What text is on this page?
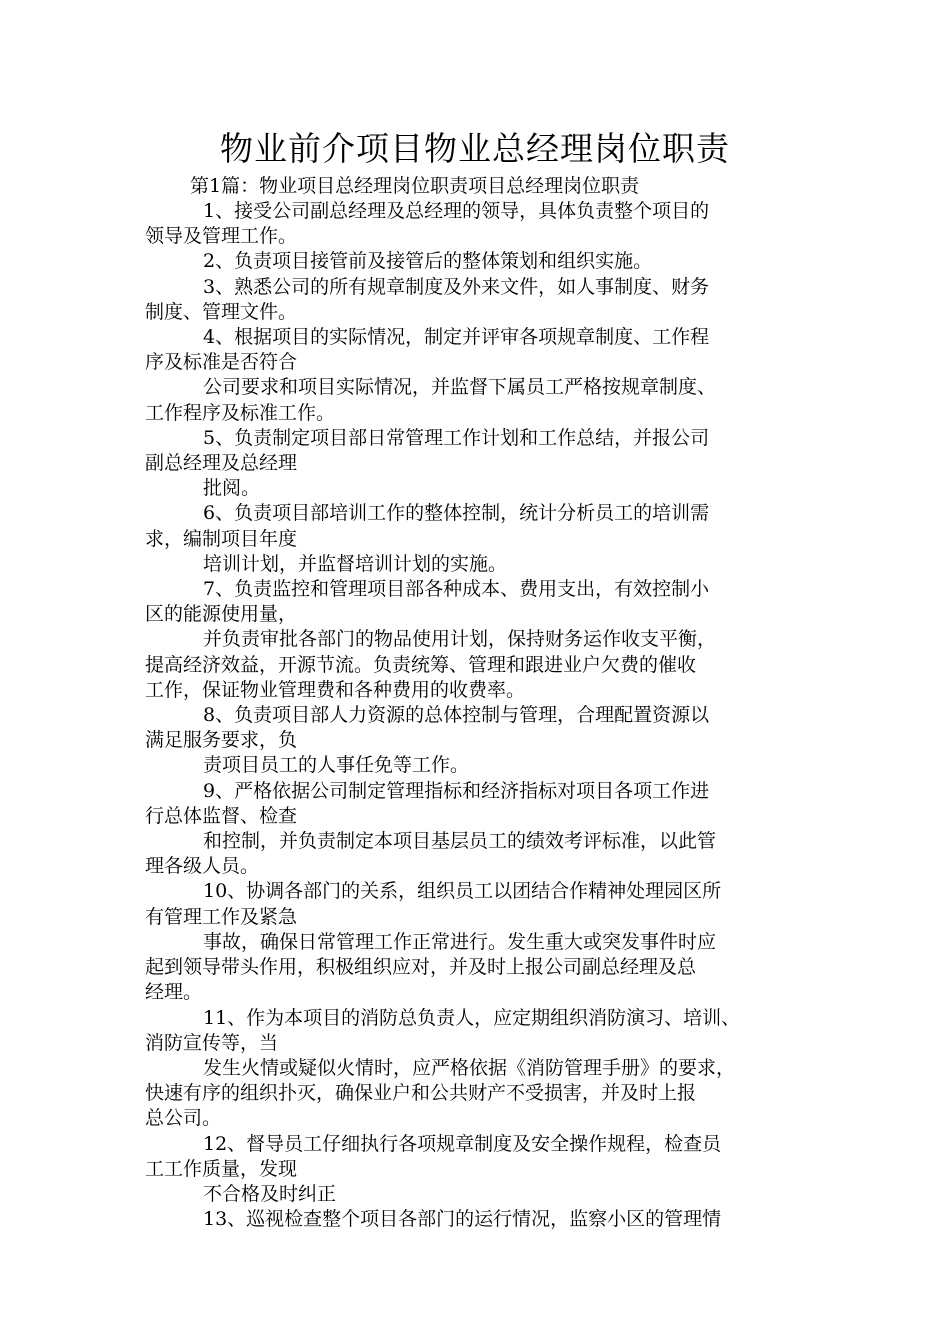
物业前介项目物业总经理岗位职责
第1篇：物业项目总经理岗位职责项目总经理岗位职责

1、接受公司副总经理及总经理的领导，具体负责整个项目的

领导及管理工作。

2、负责项目接管前及接管后的整体策划和组织实施。

3、熟悉公司的所有规章制度及外来文件，如人事制度、财务

制度、管理文件。

4、根据项目的实际情况，制定并评审各项规章制度、工作程

序及标准是否符合

公司要求和项目实际情况，并监督下属员工严格按规章制度、

工作程序及标准工作。

5、负责制定项目部日常管理工作计划和工作总结，并报公司

副总经理及总经理

批阅。

6、负责项目部培训工作的整体控制，统计分析员工的培训需

求，编制项目年度

培训计划，并监督培训计划的实施。

7、负责监控和管理项目部各种成本、费用支出，有效控制小

区的能源使用量，

并负责审批各部门的物品使用计划，保持财务运作收支平衡，

提高经济效益，开源节流。负责统筹、管理和跟进业户欠费的催收

工作，保证物业管理费和各种费用的收费率。

8、负责项目部人力资源的总体控制与管理，合理配置资源以

满足服务要求，负

责项目员工的人事任免等工作。

9、严格依据公司制定管理指标和经济指标对项目各项工作进

行总体监督、检查

和控制，并负责制定本项目基层员工的绩效考评标准，以此管

理各级人员。

10、协调各部门的关系，组织员工以团结合作精神处理园区所

有管理工作及紧急

事故，确保日常管理工作正常进行。发生重大或突发事件时应

起到领导带头作用，积极组织应对，并及时上报公司副总经理及总

经理。

11、作为本项目的消防总负责人，应定期组织消防演习、培训、

消防宣传等，当

发生火情或疑似火情时，应严格依据《消防管理手册》的要求，

快速有序的组织扑灭，确保业户和公共财产不受损害，并及时上报

总公司。

12、督导员工仔细执行各项规章制度及安全操作规程，检查员

工工作质量，发现

不合格及时纠正

13、巡视检查整个项目各部门的运行情况，监察小区的管理情
